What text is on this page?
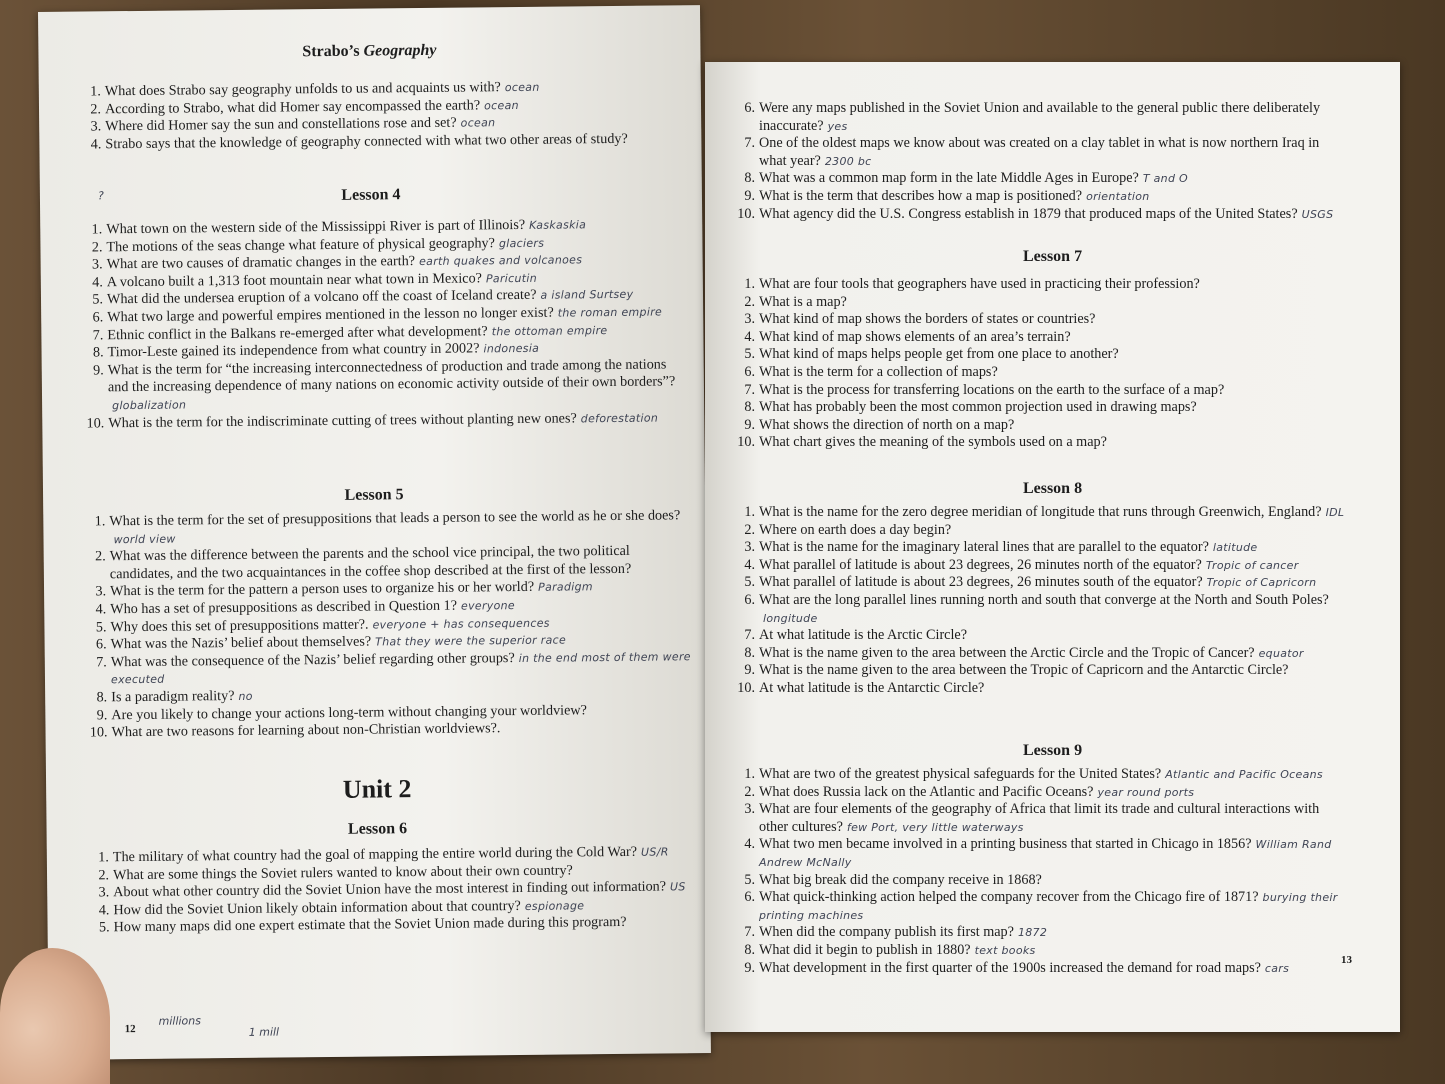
Strabo’s Geography

1. What does Strabo say geography unfolds to us and acquaints us with? ocean
2. According to Strabo, what did Homer say encompassed the earth? ocean
3. Where did Homer say the sun and constellations rose and set? ocean
4. Strabo says that the knowledge of geography connected with what two other areas of study?
?	Lesson 4

1. What town on the western side of the Mississippi River is part of Illinois? Kaskaskia
2. The motions of the seas change what feature of physical geography? glaciers
3. What are two causes of dramatic changes in the earth? earth quakes and volcanoes
4. A volcano built a 1,313 foot mountain near what town in Mexico? Paricutin
5. What did the undersea eruption of a volcano off the coast of Iceland create? a island Surtsey
6. What two large and powerful empires mentioned in the lesson no longer exist? the roman empire
7. Ethnic conflict in the Balkans re-emerged after what development? the ottoman empire
8. Timor-Leste gained its independence from what country in 2002? indonesia
9. What is the term for “the increasing interconnectedness of production and trade among the nations and the increasing dependence of many nations on economic activity outside of their own borders”?globalization
10. What is the term for the indiscriminate cutting of trees without planting new ones? deforestation

Lesson 5

1. What is the term for the set of presuppositions that leads a person to see the world as he or she does?world view
2. What was the difference between the parents and the school vice principal, the two political candidates, and the two acquaintances in the coffee shop described at the first of the lesson?
3. What is the term for the pattern a person uses to organize his or her world? Paradigm
4. Who has a set of presuppositions as described in Question 1? everyone
5. Why does this set of presuppositions matter?. everyone + has consequences
6. What was the Nazis’ belief about themselves? That they were the superior race
7. What was the consequence of the Nazis’ belief regarding other groups? in the end most of them were executed
8. Is a paradigm reality? no
9. Are you likely to change your actions long-term without changing your worldview?
10. What are two reasons for learning about non-Christian worldviews?.

Unit 2

Lesson 6

1. The military of what country had the goal of mapping the entire world during the Cold War? US/R
2. What are some things the Soviet rulers wanted to know about their own country?
3. About what other country did the Soviet Union have the most interest in finding out information? US
4. How did the Soviet Union likely obtain information about that country? espionage
5. How many maps did one expert estimate that the Soviet Union made during this program?
millions
1 mill
12
6. Were any maps published in the Soviet Union and available to the general public there deliberately inaccurate? yes
7. One of the oldest maps we know about was created on a clay tablet in what is now northern Iraq in what year? 2300 bc
8. What was a common map form in the late Middle Ages in Europe? T and O
9. What is the term that describes how a map is positioned? orientation
10. What agency did the U.S. Congress establish in 1879 that produced maps of the United States? USGS

Lesson 7

1. What are four tools that geographers have used in practicing their profession?
2. What is a map?
3. What kind of map shows the borders of states or countries?
4. What kind of map shows elements of an area’s terrain?
5. What kind of maps helps people get from one place to another?
6. What is the term for a collection of maps?
7. What is the process for transferring locations on the earth to the surface of a map?
8. What has probably been the most common projection used in drawing maps?
9. What shows the direction of north on a map?
10. What chart gives the meaning of the symbols used on a map?

Lesson 8

1. What is the name for the zero degree meridian of longitude that runs through Greenwich, England? IDL
2. Where on earth does a day begin?
3. What is the name for the imaginary lateral lines that are parallel to the equator? latitude
4. What parallel of latitude is about 23 degrees, 26 minutes north of the equator? Tropic of cancer
5. What parallel of latitude is about 23 degrees, 26 minutes south of the equator? Tropic of Capricorn
6. What are the long parallel lines running north and south that converge at the North and South Poles?longitude
7. At what latitude is the Arctic Circle?
8. What is the name given to the area between the Arctic Circle and the Tropic of Cancer? equator
9. What is the name given to the area between the Tropic of Capricorn and the Antarctic Circle?
10. At what latitude is the Antarctic Circle?

Lesson 9

1. What are two of the greatest physical safeguards for the United States? Atlantic and Pacific Oceans
2. What does Russia lack on the Atlantic and Pacific Oceans? year round ports
3. What are four elements of the geography of Africa that limit its trade and cultural interactions with other cultures? few Port, very little waterways
4. What two men became involved in a printing business that started in Chicago in 1856? William Rand Andrew McNally
5. What big break did the company receive in 1868?
6. What quick-thinking action helped the company recover from the Chicago fire of 1871? burying their printing machines
7. When did the company publish its first map? 1872
8. What did it begin to publish in 1880? text books
9. What development in the first quarter of the 1900s increased the demand for road maps? cars
13
